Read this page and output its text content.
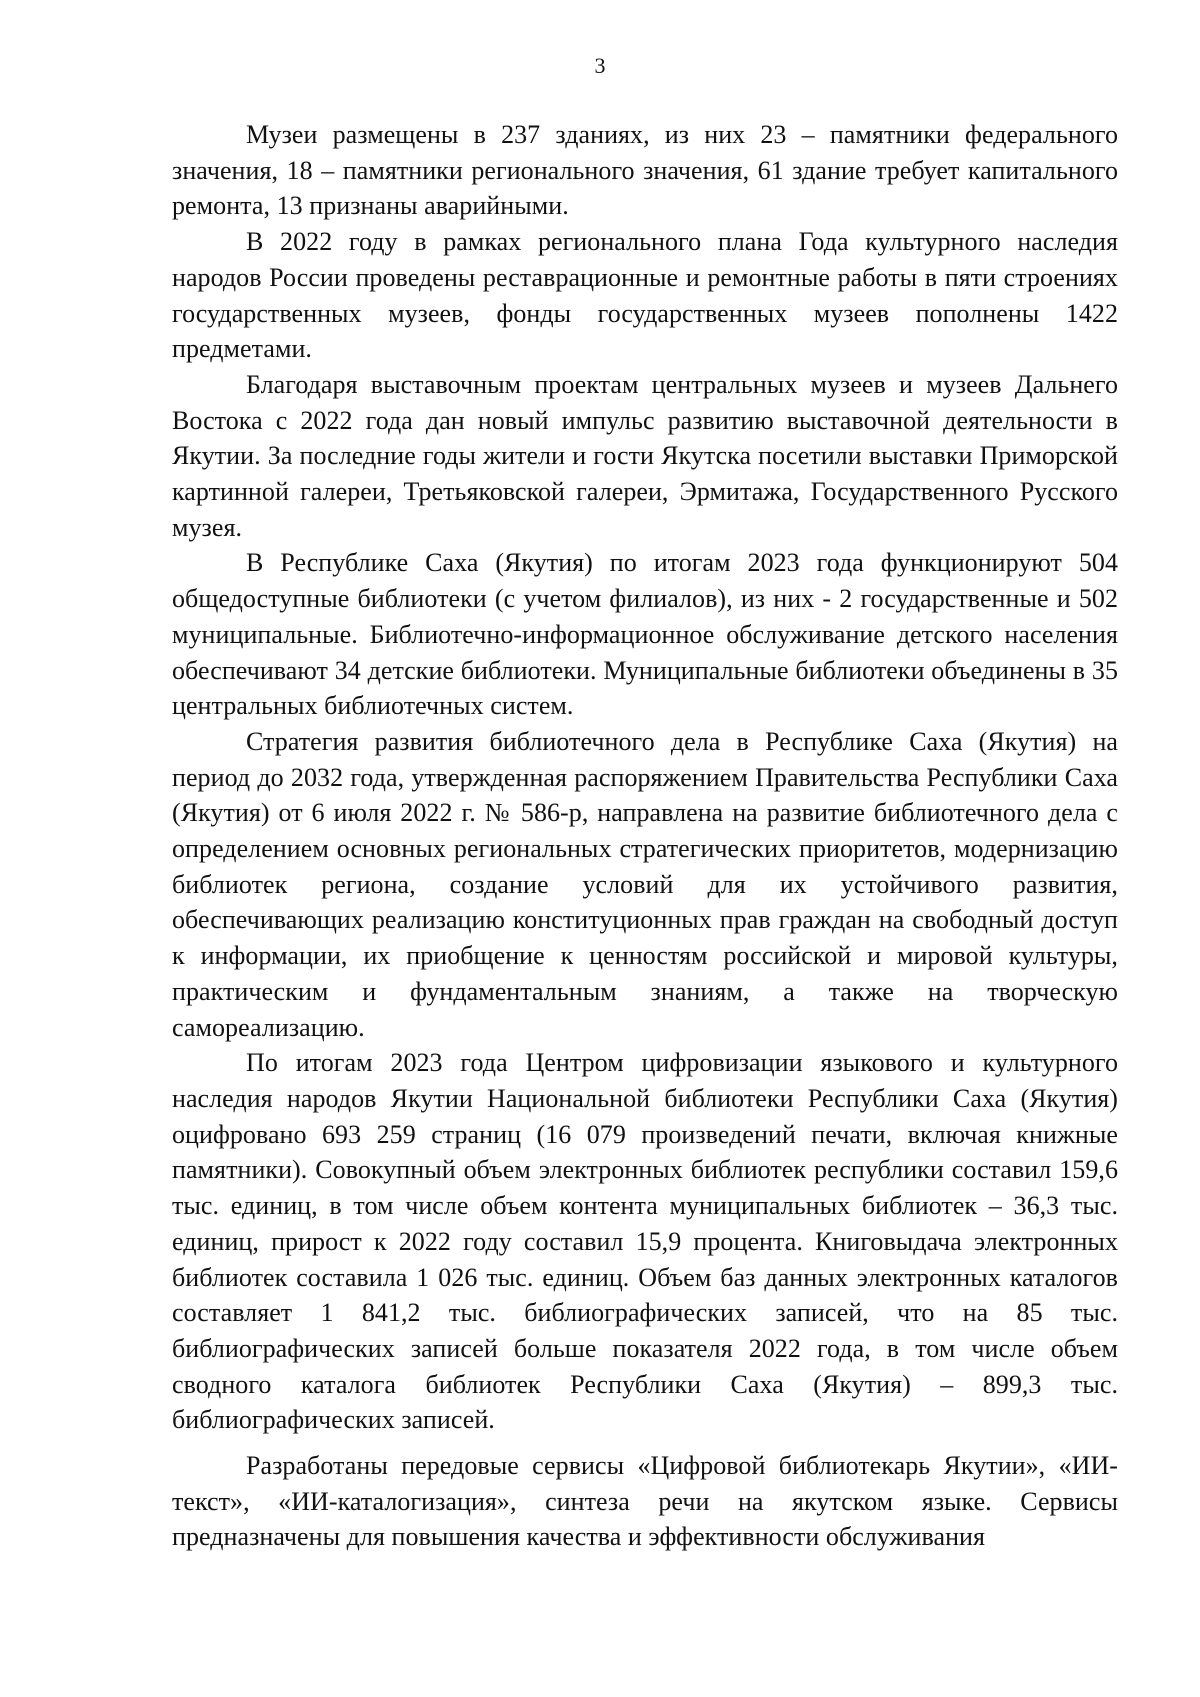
3

Музеи размещены в 237 зданиях, из них 23 – памятники федерального значения, 18 – памятники регионального значения, 61 здание требует капитального ремонта, 13 признаны аварийными.

В 2022 году в рамках регионального плана Года культурного наследия народов России проведены реставрационные и ремонтные работы в пяти строениях государственных музеев, фонды государственных музеев пополнены 1422 предметами.

Благодаря выставочным проектам центральных музеев и музеев Дальнего Востока с 2022 года дан новый импульс развитию выставочной деятельности в Якутии. За последние годы жители и гости Якутска посетили выставки Приморской картинной галереи, Третьяковской галереи, Эрмитажа, Государственного Русского музея.

В Республике Саха (Якутия) по итогам 2023 года функционируют 504 общедоступные библиотеки (с учетом филиалов), из них - 2 государственные и 502 муниципальные. Библиотечно-информационное обслуживание детского населения обеспечивают 34 детские библиотеки. Муниципальные библиотеки объединены в 35 центральных библиотечных систем.

Стратегия развития библиотечного дела в Республике Саха (Якутия) на период до 2032 года, утвержденная распоряжением Правительства Республики Саха (Якутия) от 6 июля 2022 г. № 586-р, направлена на развитие библиотечного дела с определением основных региональных стратегических приоритетов, модернизацию библиотек региона, создание условий для их устойчивого развития, обеспечивающих реализацию конституционных прав граждан на свободный доступ к информации, их приобщение к ценностям российской и мировой культуры, практическим и фундаментальным знаниям, а также на творческую самореализацию.

По итогам 2023 года Центром цифровизации языкового и культурного наследия народов Якутии Национальной библиотеки Республики Саха (Якутия) оцифровано 693 259 страниц (16 079 произведений печати, включая книжные памятники). Совокупный объем электронных библиотек республики составил 159,6 тыс. единиц, в том числе объем контента муниципальных библиотек – 36,3 тыс. единиц, прирост к 2022 году составил 15,9 процента. Книговыдача электронных библиотек составила 1 026 тыс. единиц. Объем баз данных электронных каталогов составляет 1 841,2 тыс. библиографических записей, что на 85 тыс. библиографических записей больше показателя 2022 года, в том числе объем сводного каталога библиотек Республики Саха (Якутия) – 899,3 тыс. библиографических записей.

Разработаны передовые сервисы «Цифровой библиотекарь Якутии», «ИИ-текст», «ИИ-каталогизация», синтеза речи на якутском языке. Сервисы предназначены для повышения качества и эффективности обслуживания
